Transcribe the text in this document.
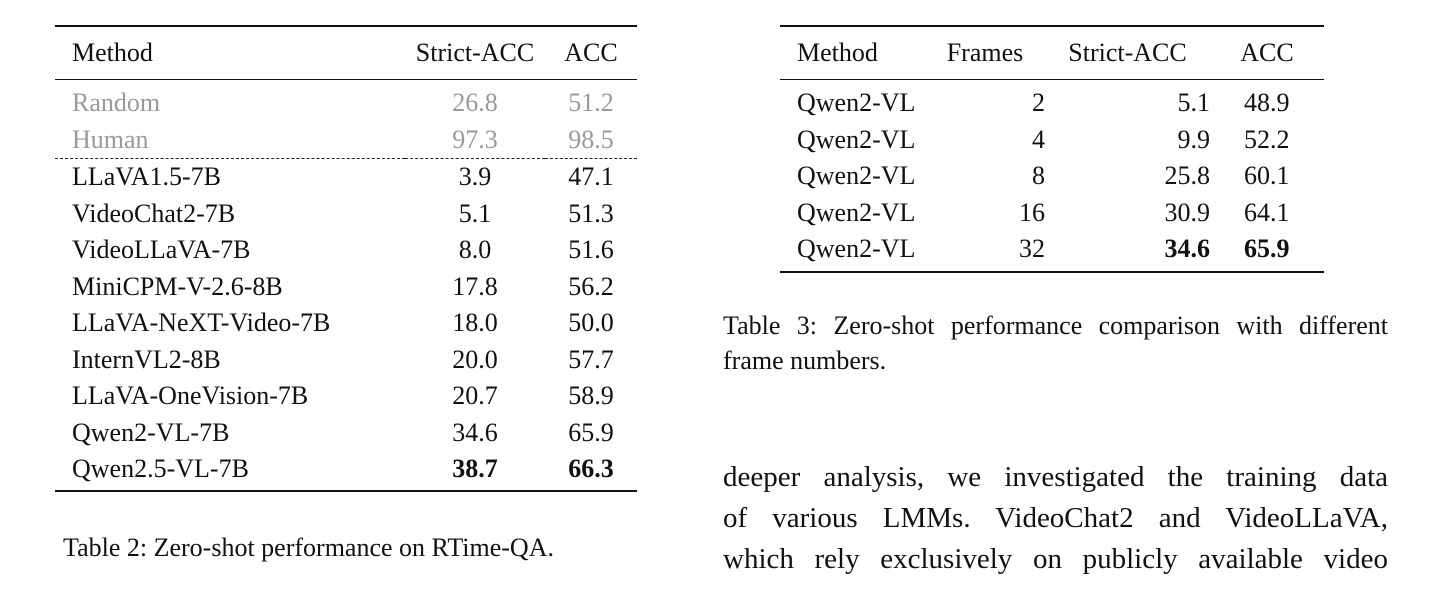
Method	Strict-ACC	ACC
Random	26.8	51.2
Human	97.3	98.5
LLaVA1.5-7B	3.9	47.1
VideoChat2-7B	5.1	51.3
VideoLLaVA-7B	8.0	51.6
MiniCPM-V-2.6-8B	17.8	56.2
LLaVA-NeXT-Video-7B	18.0	50.0
InternVL2-8B	20.0	57.7
LLaVA-OneVision-7B	20.7	58.9
Qwen2-VL-7B	34.6	65.9
Qwen2.5-VL-7B	38.7	66.3
Table 2: Zero-shot performance on RTime-QA.
Method	Frames	Strict-ACC	ACC
Qwen2-VL	2	5.1	48.9
Qwen2-VL	4	9.9	52.2
Qwen2-VL	8	25.8	60.1
Qwen2-VL	16	30.9	64.1
Qwen2-VL	32	34.6	65.9
Table 3: Zero-shot performance comparison with different frame numbers.

deeper analysis, we investigated the training data

of various LMMs. VideoChat2 and VideoLLaVA,

which rely exclusively on publicly available video
